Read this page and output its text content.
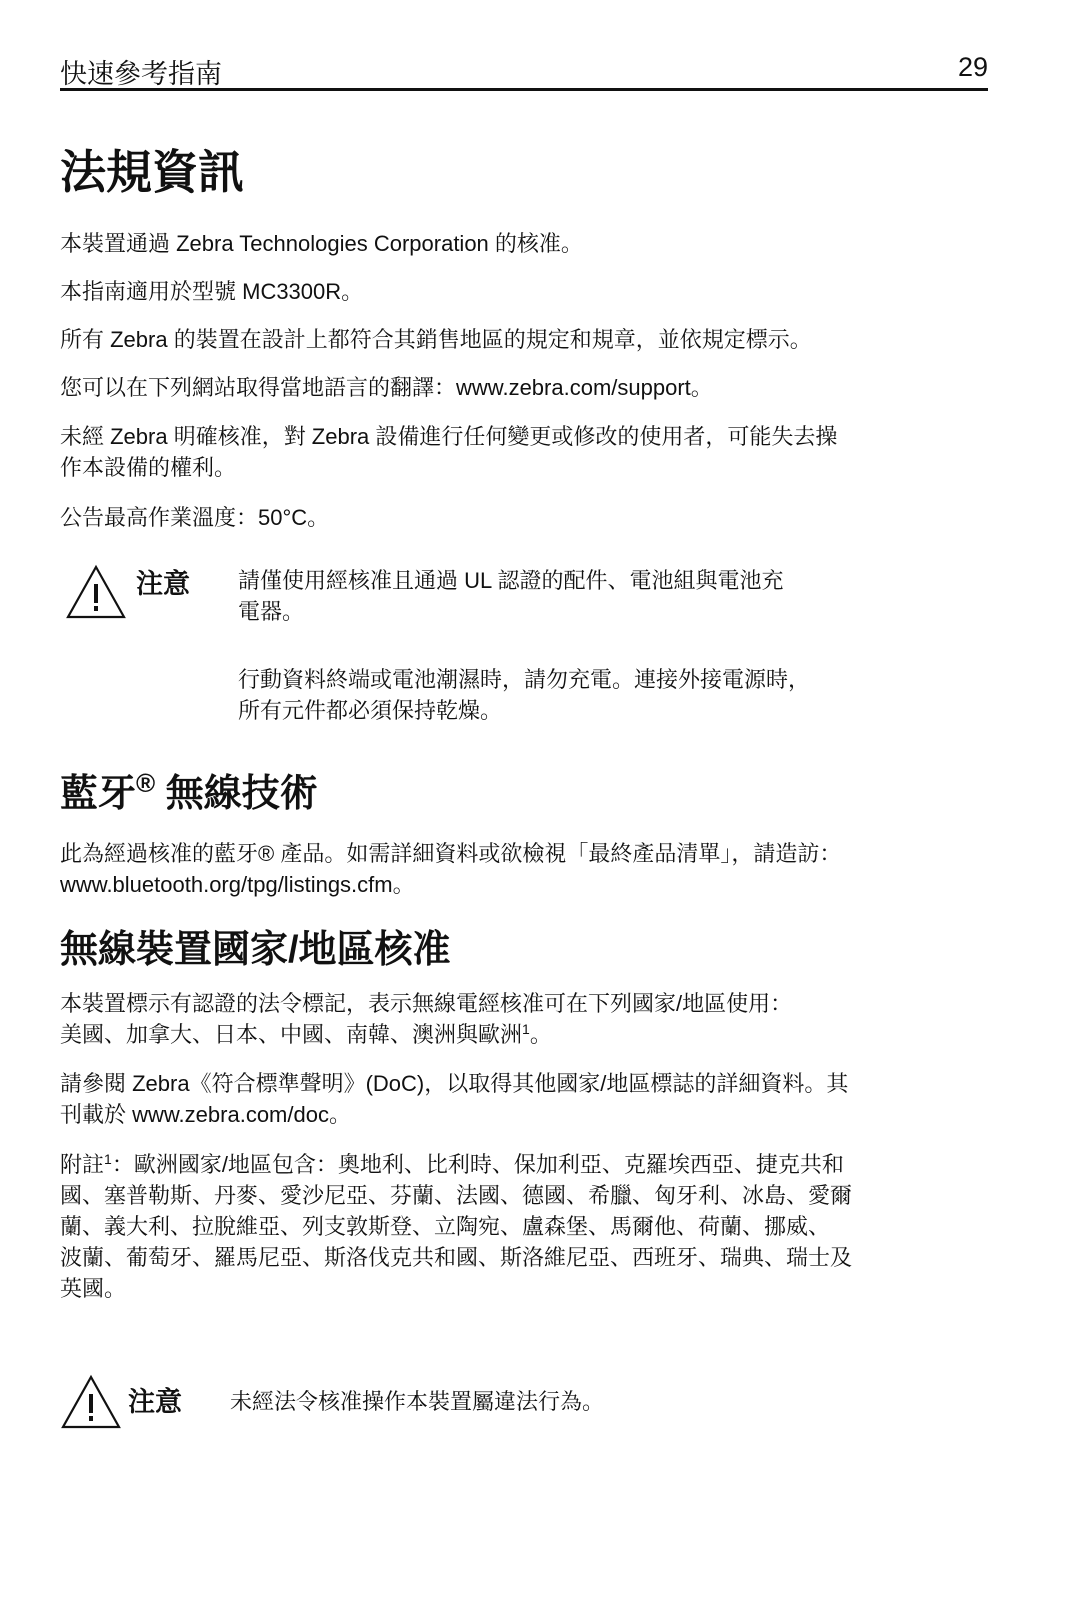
快速參考指南	29
法規資訊

本裝置通過 Zebra Technologies Corporation 的核准。

本指南適用於型號 MC3300R。

所有 Zebra 的裝置在設計上都符合其銷售地區的規定和規章，並依規定標示。

您可以在下列網站取得當地語言的翻譯：www.zebra.com/support。

未經 Zebra 明確核准，對 Zebra 設備進行任何變更或修改的使用者，可能失去操
作本設備的權利。

公告最高作業溫度：50°C。

注意 請僅使用經核准且通過 UL 認證的配件、電池組與電池充
電器。
行動資料終端或電池潮濕時，請勿充電。連接外接電源時，
所有元件都必須保持乾燥。
藍牙® 無線技術

此為經過核准的藍牙® 產品。如需詳細資料或欲檢視「最終產品清單」，請造訪：
www.bluetooth.org/tpg/listings.cfm。

無線裝置國家/地區核准

本裝置標示有認證的法令標記，表示無線電經核准可在下列國家/地區使用：
美國、加拿大、日本、中國、南韓、澳洲與歐洲$^1$。

請參閱 Zebra《符合標準聲明》(DoC)，以取得其他國家/地區標誌的詳細資料。其
刊載於 www.zebra.com/doc。

附註$^1$：歐洲國家/地區包含：奧地利、比利時、保加利亞、克羅埃西亞、捷克共和
國、塞普勒斯、丹麥、愛沙尼亞、芬蘭、法國、德國、希臘、匈牙利、冰島、愛爾
蘭、義大利、拉脫維亞、列支敦斯登、立陶宛、盧森堡、馬爾他、荷蘭、挪威、
波蘭、葡萄牙、羅馬尼亞、斯洛伐克共和國、斯洛維尼亞、西班牙、瑞典、瑞士及
英國。

注意 未經法令核准操作本裝置屬違法行為。
